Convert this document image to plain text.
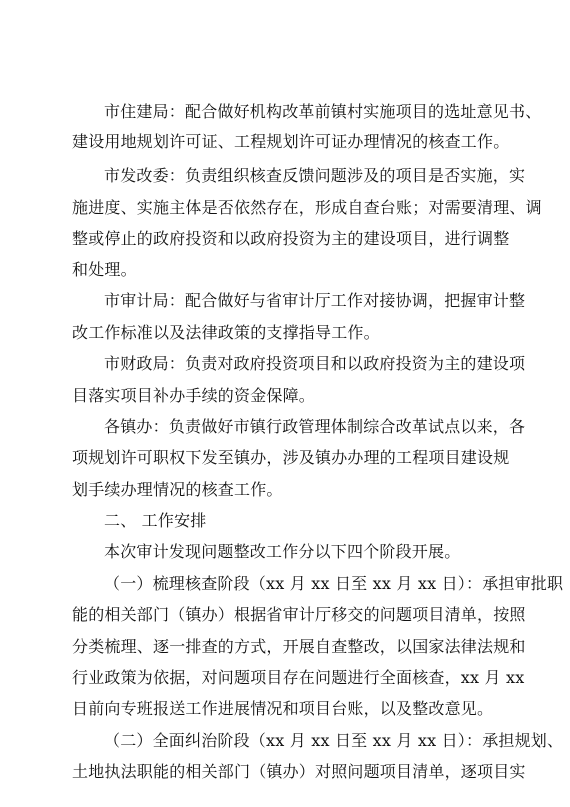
市住建局：配合做好机构改革前镇村实施项目的选址意见书、
建设用地规划许可证、工程规划许可证办理情况的核查工作。
市发改委：负责组织核查反馈问题涉及的项目是否实施，实
施进度、实施主体是否依然存在，形成自查台账；对需要清理、调
整或停止的政府投资和以政府投资为主的建设项目，进行调整
和处理。
市审计局：配合做好与省审计厅工作对接协调，把握审计整
改工作标准以及法律政策的支撑指导工作。
市财政局：负责对政府投资项目和以政府投资为主的建设项
目落实项目补办手续的资金保障。
各镇办：负责做好市镇行政管理体制综合改革试点以来，各
项规划许可职权下发至镇办，涉及镇办办理的工程项目建设规
划手续办理情况的核查工作。
二、 工作安排
本次审计发现问题整改工作分以下四个阶段开展。
（一）梳理核查阶段（xx 月 xx 日至 xx 月 xx 日）：承担审批职
能的相关部门（镇办）根据省审计厅移交的问题项目清单，按照
分类梳理、逐一排查的方式，开展自查整改，以国家法律法规和
行业政策为依据，对问题项目存在问题进行全面核查，xx 月 xx
日前向专班报送工作进展情况和项目台账，以及整改意见。
（二）全面纠治阶段（xx 月 xx 日至 xx 月 xx 日）：承担规划、
土地执法职能的相关部门（镇办）对照问题项目清单，逐项目实
